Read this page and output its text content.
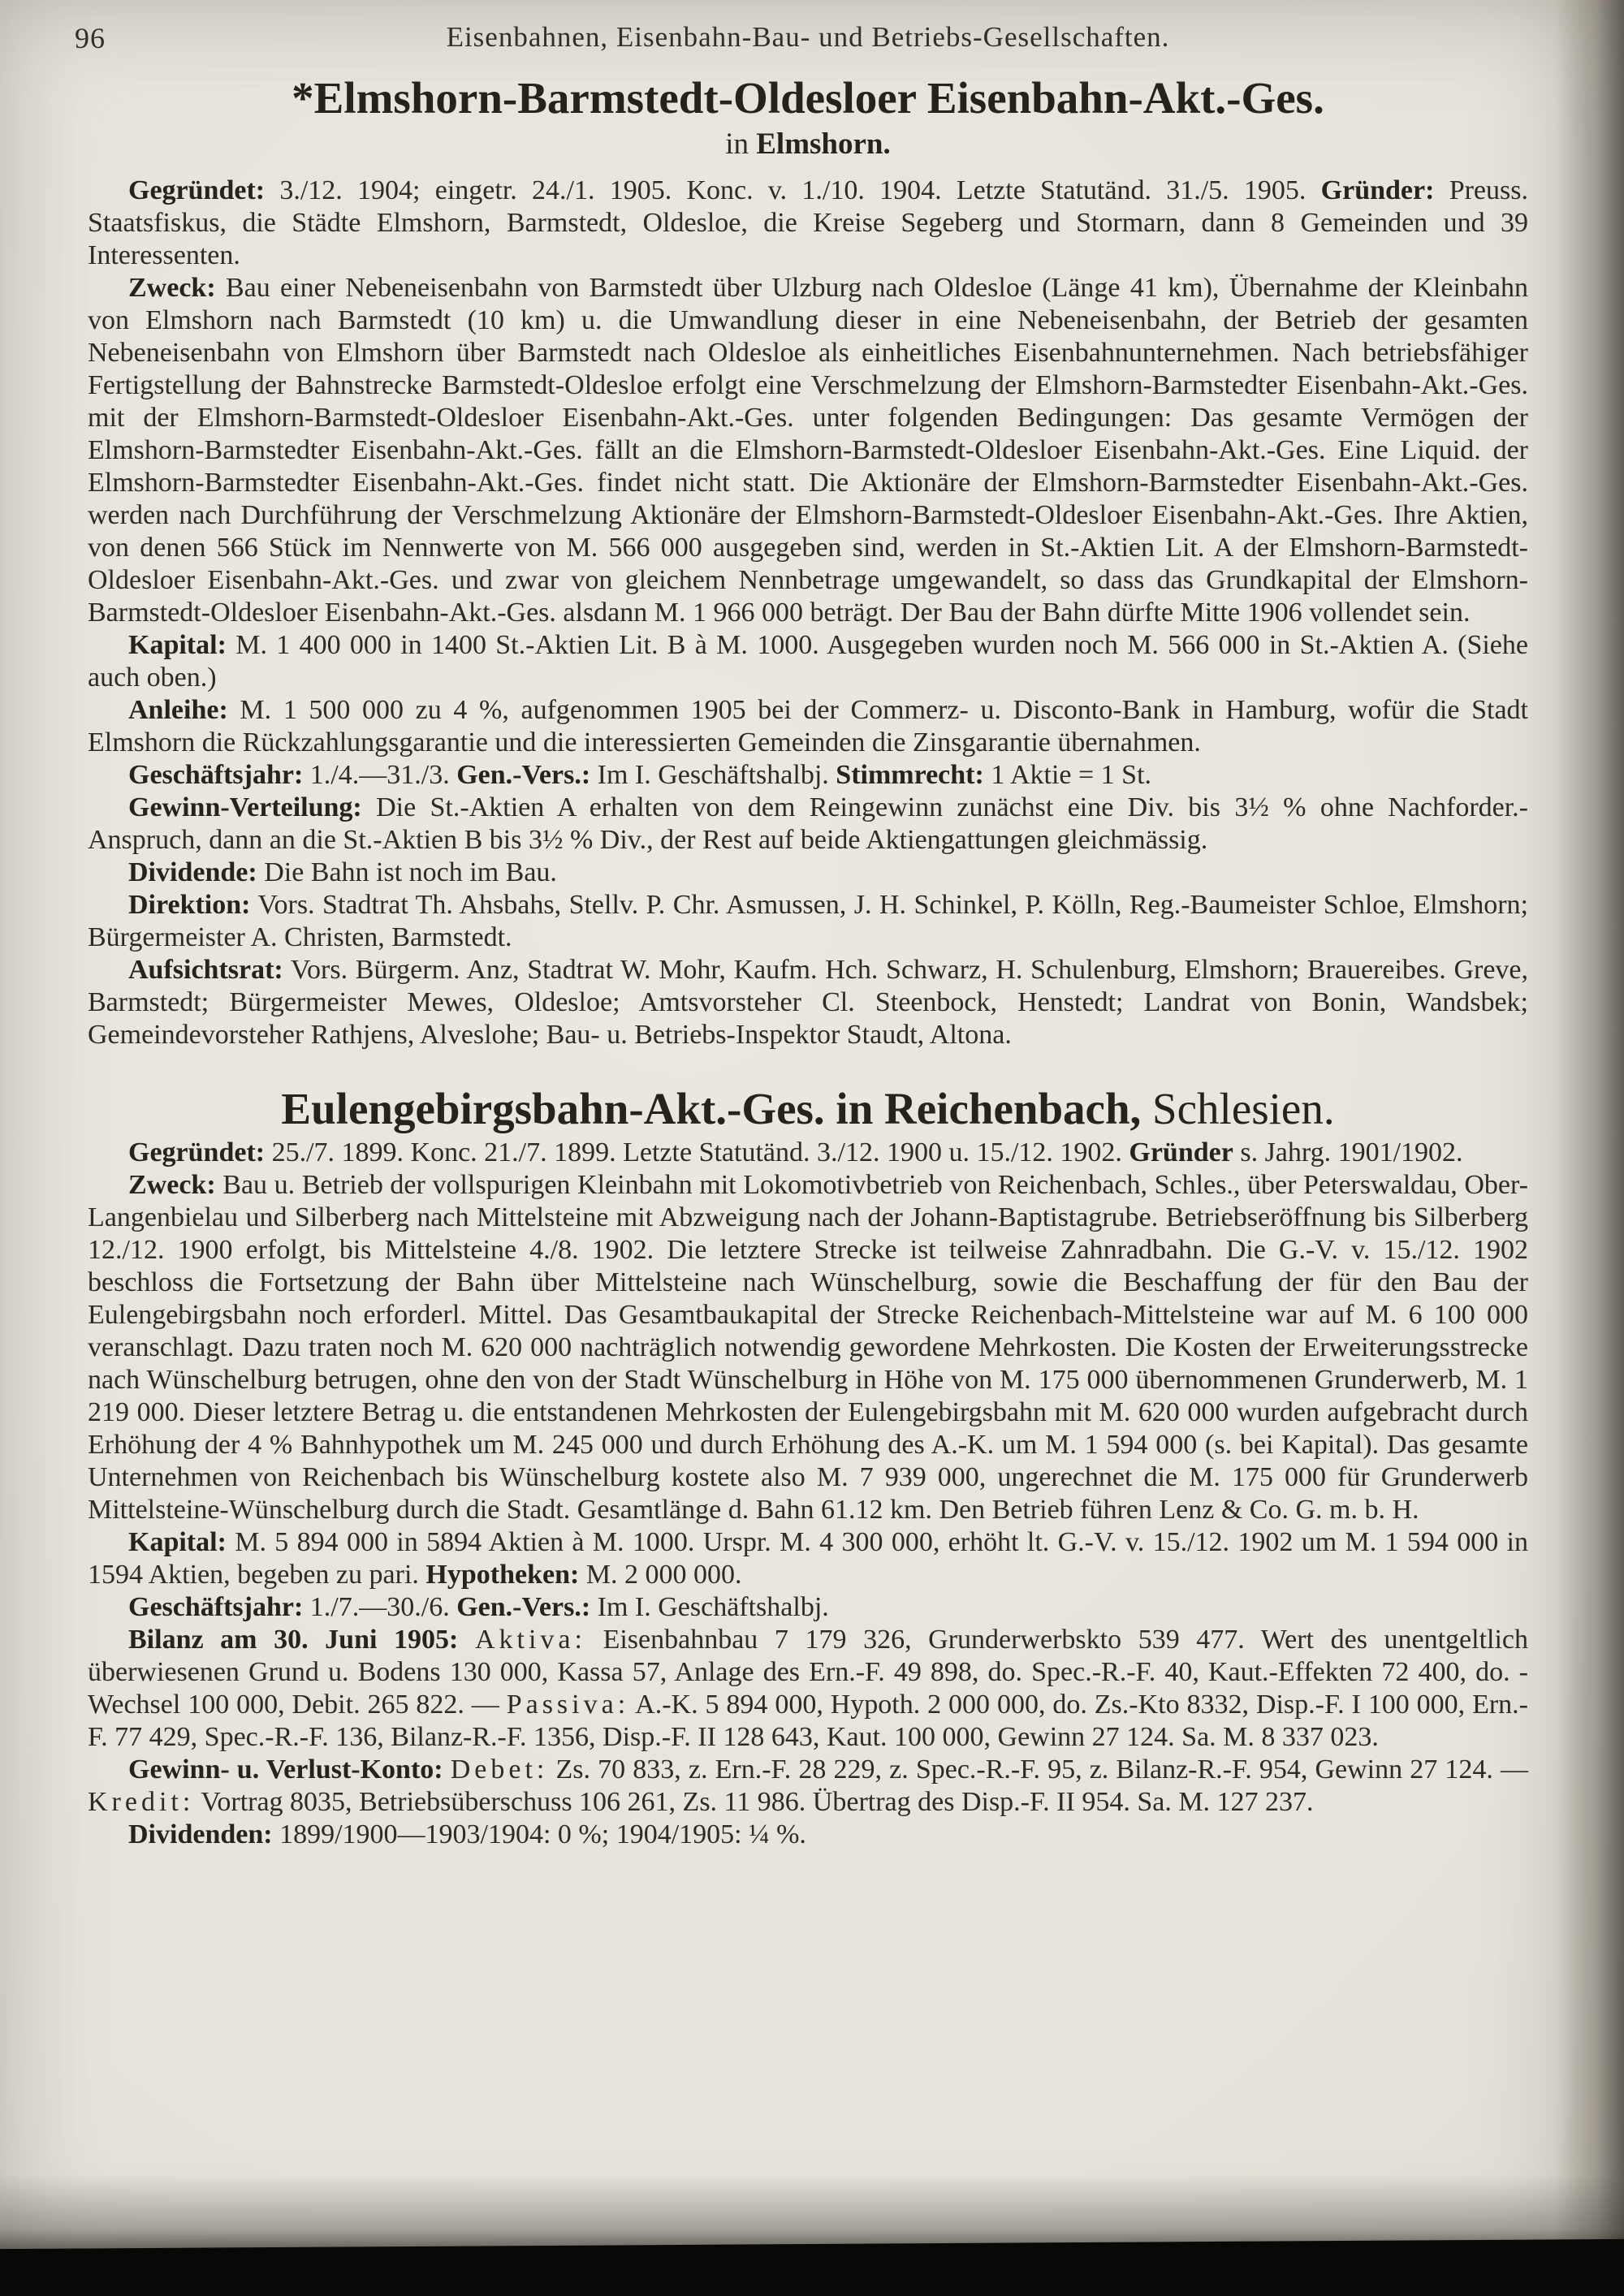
96	Eisenbahnen, Eisenbahn-Bau- und Betriebs-Gesellschaften.
*Elmshorn-Barmstedt-Oldesloer Eisenbahn-Akt.-Ges.
in Elmshorn.

Gegründet: 3./12. 1904; eingetr. 24./1. 1905. Konc. v. 1./10. 1904. Letzte Statutänd. 31./5. 1905. Gründer: Preuss. Staatsfiskus, die Städte Elmshorn, Barmstedt, Oldesloe, die Kreise Segeberg und Stormarn, dann 8 Gemeinden und 39 Interessenten.

Zweck: Bau einer Nebeneisenbahn von Barmstedt über Ulzburg nach Oldesloe (Länge 41 km), Übernahme der Kleinbahn von Elmshorn nach Barmstedt (10 km) u. die Umwandlung dieser in eine Nebeneisenbahn, der Betrieb der gesamten Nebeneisenbahn von Elmshorn über Barmstedt nach Oldesloe als einheitliches Eisenbahnunternehmen. Nach betriebsfähiger Fertigstellung der Bahnstrecke Barmstedt-Oldesloe erfolgt eine Verschmelzung der Elmshorn-Barmstedter Eisenbahn-Akt.-Ges. mit der Elmshorn-Barmstedt-Oldesloer Eisenbahn-Akt.-Ges. unter folgenden Bedingungen: Das gesamte Vermögen der Elmshorn-Barmstedter Eisenbahn-Akt.-Ges. fällt an die Elmshorn-Barmstedt-Oldesloer Eisenbahn-Akt.-Ges. Eine Liquid. der Elmshorn-Barmstedter Eisenbahn-Akt.-Ges. findet nicht statt. Die Aktionäre der Elmshorn-Barmstedter Eisenbahn-Akt.-Ges. werden nach Durchführung der Verschmelzung Aktionäre der Elmshorn-Barmstedt-Oldesloer Eisenbahn-Akt.-Ges. Ihre Aktien, von denen 566 Stück im Nennwerte von M. 566 000 ausgegeben sind, werden in St.-Aktien Lit. A der Elmshorn-Barmstedt-Oldesloer Eisenbahn-Akt.-Ges. und zwar von gleichem Nennbetrage umgewandelt, so dass das Grundkapital der Elmshorn-Barmstedt-Oldesloer Eisenbahn-Akt.-Ges. alsdann M. 1 966 000 beträgt. Der Bau der Bahn dürfte Mitte 1906 vollendet sein.

Kapital: M. 1 400 000 in 1400 St.-Aktien Lit. B à M. 1000. Ausgegeben wurden noch M. 566 000 in St.-Aktien A. (Siehe auch oben.)

Anleihe: M. 1 500 000 zu 4 %, aufgenommen 1905 bei der Commerz- u. Disconto-Bank in Hamburg, wofür die Stadt Elmshorn die Rückzahlungsgarantie und die interessierten Gemeinden die Zinsgarantie übernahmen.

Geschäftsjahr: 1./4.—31./3. Gen.-Vers.: Im I. Geschäftshalbj. Stimmrecht: 1 Aktie = 1 St.

Gewinn-Verteilung: Die St.-Aktien A erhalten von dem Reingewinn zunächst eine Div. bis 3½ % ohne Nachforder.-Anspruch, dann an die St.-Aktien B bis 3½ % Div., der Rest auf beide Aktiengattungen gleichmässig.

Dividende: Die Bahn ist noch im Bau.

Direktion: Vors. Stadtrat Th. Ahsbahs, Stellv. P. Chr. Asmussen, J. H. Schinkel, P. Kölln, Reg.-Baumeister Schloe, Elmshorn; Bürgermeister A. Christen, Barmstedt.

Aufsichtsrat: Vors. Bürgerm. Anz, Stadtrat W. Mohr, Kaufm. Hch. Schwarz, H. Schulenburg, Elmshorn; Brauereibes. Greve, Barmstedt; Bürgermeister Mewes, Oldesloe; Amtsvorsteher Cl. Steenbock, Henstedt; Landrat von Bonin, Wandsbek; Gemeindevorsteher Rathjens, Alveslohe; Bau- u. Betriebs-Inspektor Staudt, Altona.

Eulengebirgsbahn-Akt.-Ges. in Reichenbach, Schlesien.

Gegründet: 25./7. 1899. Konc. 21./7. 1899. Letzte Statutänd. 3./12. 1900 u. 15./12. 1902. Gründer s. Jahrg. 1901/1902.

Zweck: Bau u. Betrieb der vollspurigen Kleinbahn mit Lokomotivbetrieb von Reichenbach, Schles., über Peterswaldau, Ober-Langenbielau und Silberberg nach Mittelsteine mit Abzweigung nach der Johann-Baptistagrube. Betriebseröffnung bis Silberberg 12./12. 1900 erfolgt, bis Mittelsteine 4./8. 1902. Die letztere Strecke ist teilweise Zahnradbahn. Die G.-V. v. 15./12. 1902 beschloss die Fortsetzung der Bahn über Mittelsteine nach Wünschelburg, sowie die Beschaffung der für den Bau der Eulengebirgsbahn noch erforderl. Mittel. Das Gesamtbaukapital der Strecke Reichenbach-Mittelsteine war auf M. 6 100 000 veranschlagt. Dazu traten noch M. 620 000 nachträglich notwendig gewordene Mehrkosten. Die Kosten der Erweiterungsstrecke nach Wünschelburg betrugen, ohne den von der Stadt Wünschelburg in Höhe von M. 175 000 übernommenen Grunderwerb, M. 1 219 000. Dieser letztere Betrag u. die entstandenen Mehrkosten der Eulengebirgsbahn mit M. 620 000 wurden aufgebracht durch Erhöhung der 4 % Bahnhypothek um M. 245 000 und durch Erhöhung des A.-K. um M. 1 594 000 (s. bei Kapital). Das gesamte Unternehmen von Reichenbach bis Wünschelburg kostete also M. 7 939 000, ungerechnet die M. 175 000 für Grunderwerb Mittelsteine-Wünschelburg durch die Stadt. Gesamtlänge d. Bahn 61.12 km. Den Betrieb führen Lenz & Co. G. m. b. H.

Kapital: M. 5 894 000 in 5894 Aktien à M. 1000. Urspr. M. 4 300 000, erhöht lt. G.-V. v. 15./12. 1902 um M. 1 594 000 in 1594 Aktien, begeben zu pari. Hypotheken: M. 2 000 000.

Geschäftsjahr: 1./7.—30./6. Gen.-Vers.: Im I. Geschäftshalbj.

Bilanz am 30. Juni 1905: Aktiva: Eisenbahnbau 7 179 326, Grunderwerbskto 539 477. Wert des unentgeltlich überwiesenen Grund u. Bodens 130 000, Kassa 57, Anlage des Ern.-F. 49 898, do. Spec.-R.-F. 40, Kaut.-Effekten 72 400, do. -Wechsel 100 000, Debit. 265 822. — Passiva: A.-K. 5 894 000, Hypoth. 2 000 000, do. Zs.-Kto 8332, Disp.-F. I 100 000, Ern.-F. 77 429, Spec.-R.-F. 136, Bilanz-R.-F. 1356, Disp.-F. II 128 643, Kaut. 100 000, Gewinn 27 124. Sa. M. 8 337 023.

Gewinn- u. Verlust-Konto: Debet: Zs. 70 833, z. Ern.-F. 28 229, z. Spec.-R.-F. 95, z. Bilanz-R.-F. 954, Gewinn 27 124. — Kredit: Vortrag 8035, Betriebsüberschuss 106 261, Zs. 11 986. Übertrag des Disp.-F. II 954. Sa. M. 127 237.

Dividenden: 1899/1900—1903/1904: 0 %; 1904/1905: ¼ %.
